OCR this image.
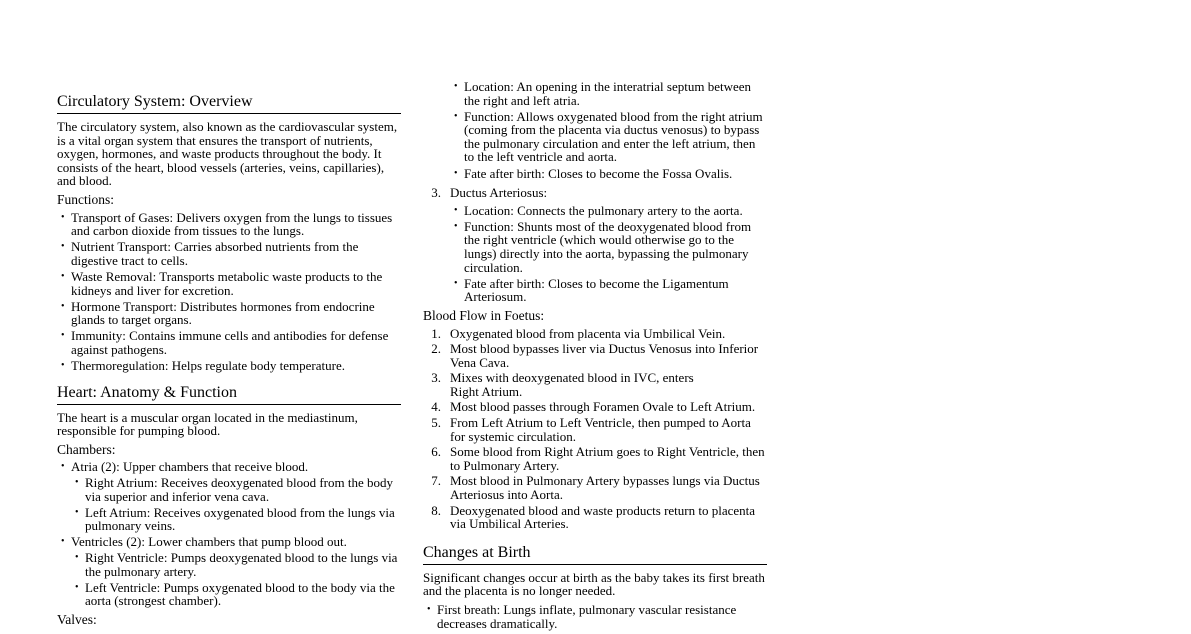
Circulatory System: Overview

The circulatory system, also known as the cardiovascular system, is a vital organ system that ensures the transport of nutrients, oxygen, hormones, and waste products throughout the body. It consists of the heart, blood vessels (arteries, veins, capillaries), and blood.

Functions:
• Transport of Gases: Delivers oxygen from the lungs to tissues and carbon dioxide from tissues to the lungs.
• Nutrient Transport: Carries absorbed nutrients from the digestive tract to cells.
• Waste Removal: Transports metabolic waste products to the kidneys and liver for excretion.
• Hormone Transport: Distributes hormones from endocrine glands to target organs.
• Immunity: Contains immune cells and antibodies for defense against pathogens.
• Thermoregulation: Helps regulate body temperature.
Heart: Anatomy & Function

The heart is a muscular organ located in the mediastinum, responsible for pumping blood.

Chambers:
• Atria (2): Upper chambers that receive blood.
• Right Atrium: Receives deoxygenated blood from the body via superior and inferior vena cava.
• Left Atrium: Receives oxygenated blood from the lungs via pulmonary veins.
• Ventricles (2): Lower chambers that pump blood out.
• Right Ventricle: Pumps deoxygenated blood to the lungs via the pulmonary artery.
• Left Ventricle: Pumps oxygenated blood to the body via the aorta (strongest chamber).
Valves:
• Location: An opening in the interatrial septum between the right and left atria.
• Function: Allows oxygenated blood from the right atrium (coming from the placenta via ductus venosus) to bypass the pulmonary circulation and enter the left atrium, then to the left ventricle and aorta.
• Fate after birth: Closes to become the Fossa Ovalis.
3. Ductus Arteriosus:
• Location: Connects the pulmonary artery to the aorta.
• Function: Shunts most of the deoxygenated blood from the right ventricle (which would otherwise go to the lungs) directly into the aorta, bypassing the pulmonary circulation.
• Fate after birth: Closes to become the Ligamentum Arteriosum.
Blood Flow in Foetus:
1. Oxygenated blood from placenta via Umbilical Vein.
2. Most blood bypasses liver via Ductus Venosus into Inferior Vena Cava.
3. Mixes with deoxygenated blood in IVC, enters Right Atrium.
4. Most blood passes through Foramen Ovale to Left Atrium.
5. From Left Atrium to Left Ventricle, then pumped to Aorta for systemic circulation.
6. Some blood from Right Atrium goes to Right Ventricle, then to Pulmonary Artery.
7. Most blood in Pulmonary Artery bypasses lungs via Ductus Arteriosus into Aorta.
8. Deoxygenated blood and waste products return to placenta via Umbilical Arteries.
Changes at Birth

Significant changes occur at birth as the baby takes its first breath and the placenta is no longer needed.

• First breath: Lungs inflate, pulmonary vascular resistance decreases dramatically.
